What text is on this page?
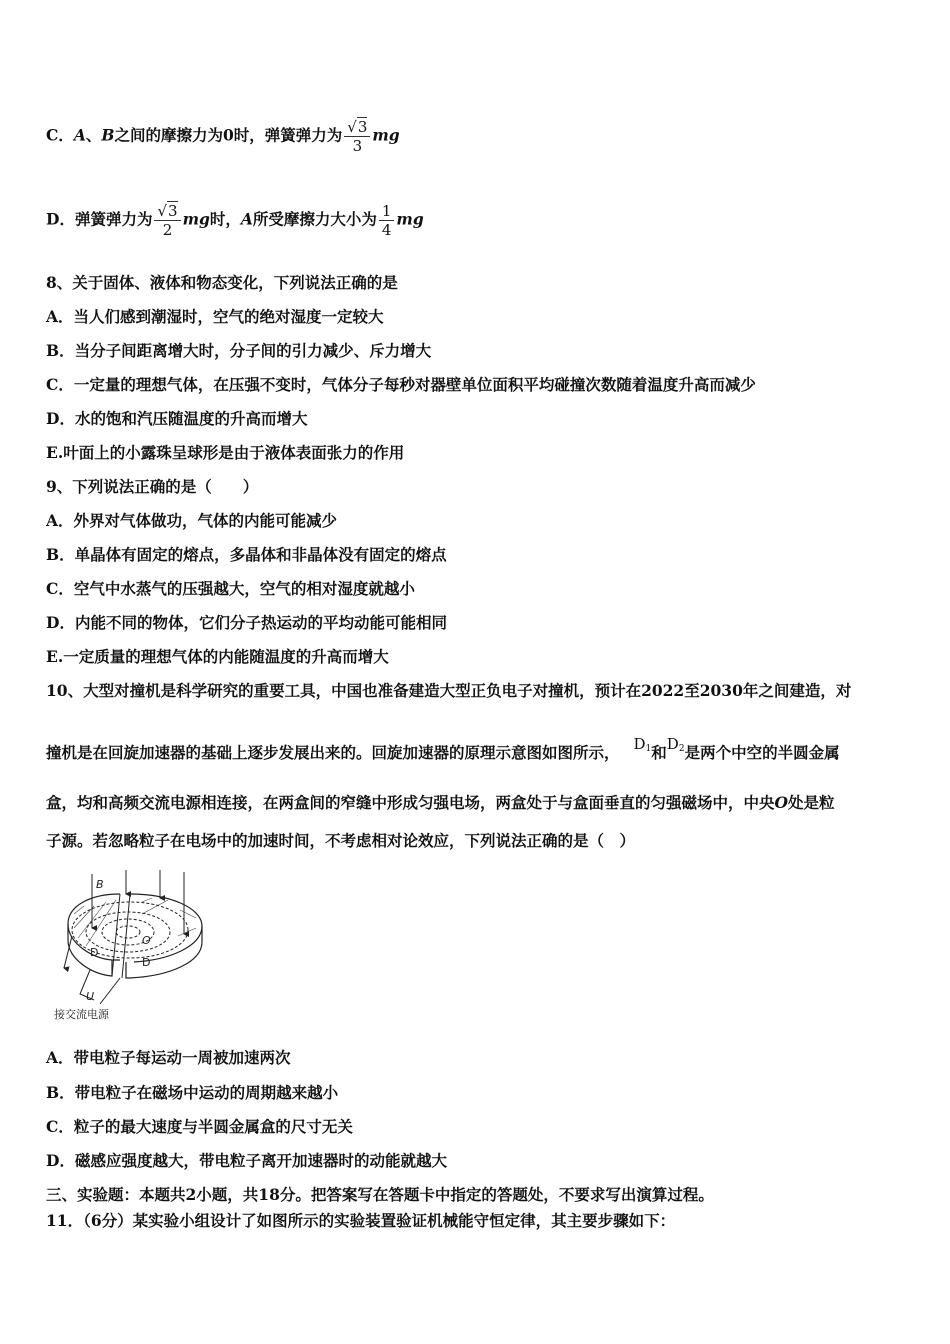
C．A、B之间的摩擦力为0时，弹簧弹力为 $\frac{√3}{3}$ mg
D．弹簧弹力为 $\frac{√3}{2}$ mg时，A所受摩擦力大小为 $\frac{1}{4}$ mg
8、关于固体、液体和物态变化，下列说法正确的是
A．当人们感到潮湿时，空气的绝对湿度一定较大
B．当分子间距离增大时，分子间的引力减少、斥力增大
C．一定量的理想气体，在压强不变时，气体分子每秒对器壁单位面积平均碰撞次数随着温度升高而减少
D．水的饱和汽压随温度的升高而增大
E.叶面上的小露珠呈球形是由于液体表面张力的作用
9、下列说法正确的是（　　）
A．外界对气体做功，气体的内能可能减少
B．单晶体有固定的熔点，多晶体和非晶体没有固定的熔点
C．空气中水蒸气的压强越大，空气的相对湿度就越小
D．内能不同的物体，它们分子热运动的平均动能可能相同
E.一定质量的理想气体的内能随温度的升高而增大
10、大型对撞机是科学研究的重要工具，中国也准备建造大型正负电子对撞机，预计在2022至2030年之间建造，对
撞机是在回旋加速器的基础上逐步发展出来的。回旋加速器的原理示意图如图所示， $D_1$和$D_2$是两个中空的半圆金属
盒，均和高频交流电源相连接，在两盒间的窄缝中形成匀强电场，两盒处于与盒面垂直的匀强磁场中，中央O处是粒
子源。若忽略粒子在电场中的加速时间，不考虑相对论效应，下列说法正确的是（　）
B
O
D
D
U
接交流电源
A．带电粒子每运动一周被加速两次
B．带电粒子在磁场中运动的周期越来越小
C．粒子的最大速度与半圆金属盒的尺寸无关
D．磁感应强度越大，带电粒子离开加速器时的动能就越大
三、实验题：本题共2小题，共18分。把答案写在答题卡中指定的答题处，不要求写出演算过程。
11．（6分）某实验小组设计了如图所示的实验装置验证机械能守恒定律，其主要步骤如下：
